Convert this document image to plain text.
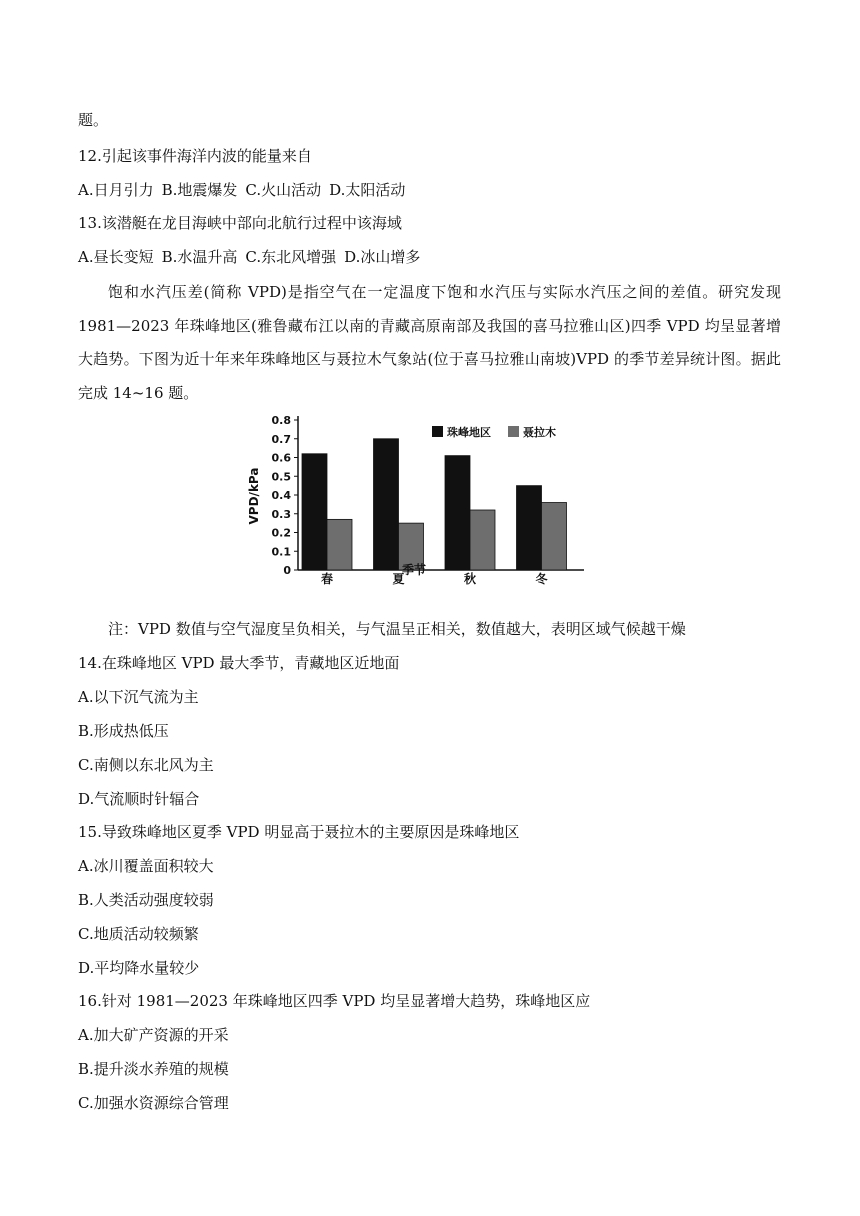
题。
12.引起该事件海洋内波的能量来自
A.日月引力 B.地震爆发 C.火山活动 D.太阳活动
13.该潜艇在龙目海峡中部向北航行过程中该海域
A.昼长变短 B.水温升高 C.东北风增强 D.冰山增多
饱和水汽压差(简称 VPD)是指空气在一定温度下饱和水汽压与实际水汽压之间的差值。研究发现 1981—2023 年珠峰地区(雅鲁藏布江以南的青藏高原南部及我国的喜马拉雅山区)四季 VPD 均呈显著增大趋势。下图为近十年来年珠峰地区与聂拉木气象站(位于喜马拉雅山南坡)VPD 的季节差异统计图。据此完成 14~16 题。
0
0.1
0.2
0.3
0.4
0.5
0.6
0.7
0.8
春	夏	秋	冬
VPD/kPa
季节
珠峰地区	聂拉木
注：VPD 数值与空气湿度呈负相关，与气温呈正相关，数值越大，表明区域气候越干燥
14.在珠峰地区 VPD 最大季节，青藏地区近地面
A.以下沉气流为主
B.形成热低压
C.南侧以东北风为主
D.气流顺时针辐合
15.导致珠峰地区夏季 VPD 明显高于聂拉木的主要原因是珠峰地区
A.冰川覆盖面积较大
B.人类活动强度较弱
C.地质活动较频繁
D.平均降水量较少
16.针对 1981—2023 年珠峰地区四季 VPD 均呈显著增大趋势，珠峰地区应
A.加大矿产资源的开采
B.提升淡水养殖的规模
C.加强水资源综合管理
